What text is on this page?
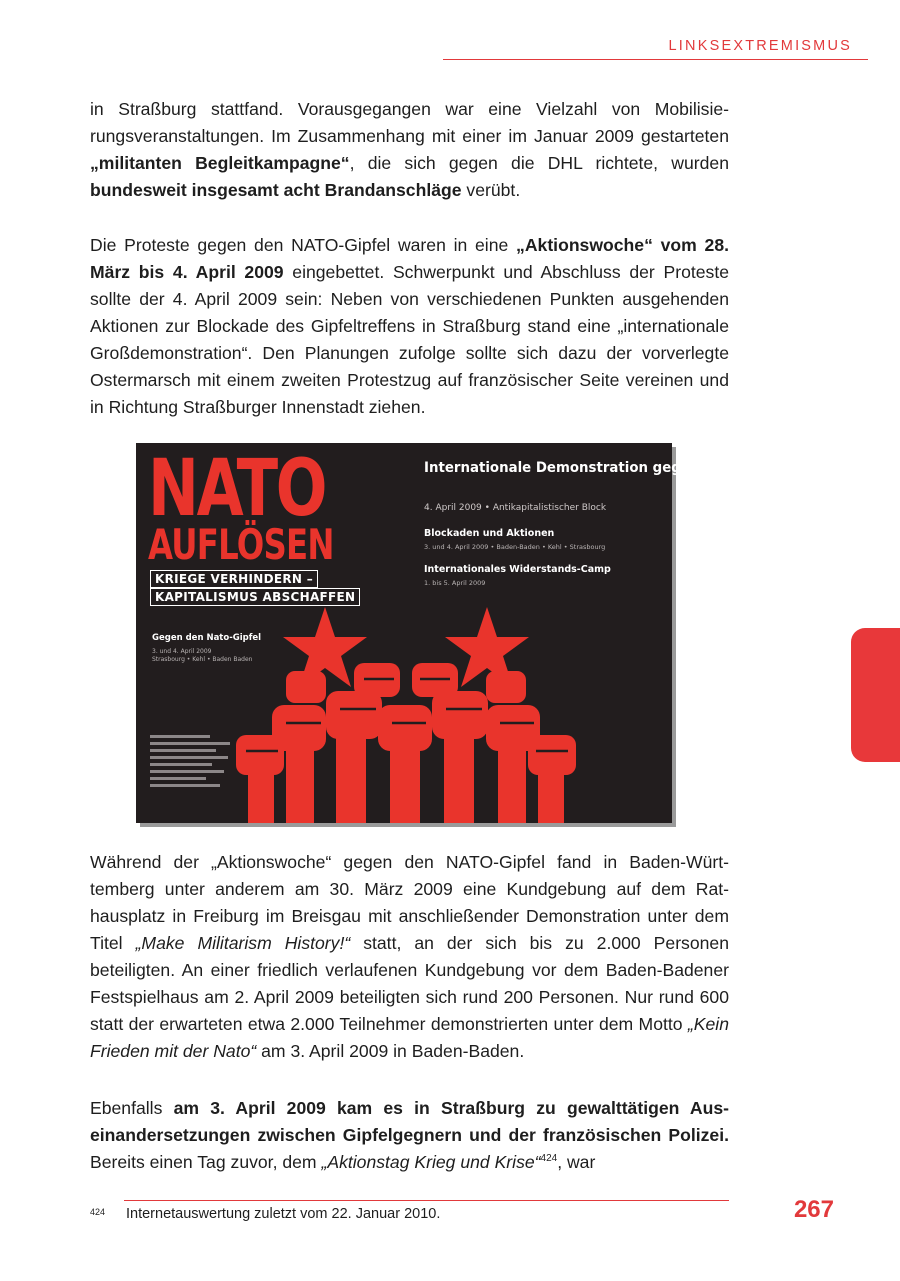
LINKSEXTREMISMUS

in Straßburg stattfand. Vorausgegangen war eine Vielzahl von Mobilisierungsveranstaltungen. Im Zusammenhang mit einer im Januar 2009 gestarteten „militanten Begleitkampagne“, die sich gegen die DHL richtete, wurden bundesweit insgesamt acht Brandanschläge verübt.

Die Proteste gegen den NATO-Gipfel waren in eine „Aktionswoche“ vom 28. März bis 4. April 2009 eingebettet. Schwerpunkt und Abschluss der Proteste sollte der 4. April 2009 sein: Neben von verschiedenen Punkten ausgehenden Aktionen zur Blockade des Gipfeltreffens in Straßburg stand eine „internationale Großdemonstration“. Den Planungen zufolge sollte sich dazu der vorverlegte Ostermarsch mit einem zweiten Protestzug auf französischer Seite vereinen und in Richtung Straßburger Innenstadt ziehen.

NATO
AUFLÖSEN
KRIEGE VERHINDERN –
KAPITALISMUS ABSCHAFFEN
Gegen den Nato-Gipfel
3. und 4. April 2009
Strasbourg • Kehl • Baden Baden
Internationale Demonstration gegen den Nato-Gipfel
4. April 2009 • Antikapitalistischer Block
Blockaden und Aktionen
3. und 4. April 2009 • Baden-Baden • Kehl • Strasbourg
Internationales Widerstands-Camp
1. bis 5. April 2009

Während der „Aktionswoche“ gegen den NATO-Gipfel fand in Baden-Württemberg unter anderem am 30. März 2009 eine Kundgebung auf dem Rathausplatz in Freiburg im Breisgau mit anschließender Demonstration unter dem Titel „Make Militarism History!“ statt, an der sich bis zu 2.000 Personen beteiligten. An einer friedlich verlaufenen Kundgebung vor dem Baden-Badener Festspielhaus am 2. April 2009 beteiligten sich rund 200 Personen. Nur rund 600 statt der erwarteten etwa 2.000 Teilnehmer demonstrierten unter dem Motto „Kein Frieden mit der Nato“ am 3. April 2009 in Baden-Baden.

Ebenfalls am 3. April 2009 kam es in Straßburg zu gewalttätigen Auseinandersetzungen zwischen Gipfelgegnern und der französischen Polizei. Bereits einen Tag zuvor, dem „Aktionstag Krieg und Krise“$^{424}$, war

424 Internetauswertung zuletzt vom 22. Januar 2010.	267
